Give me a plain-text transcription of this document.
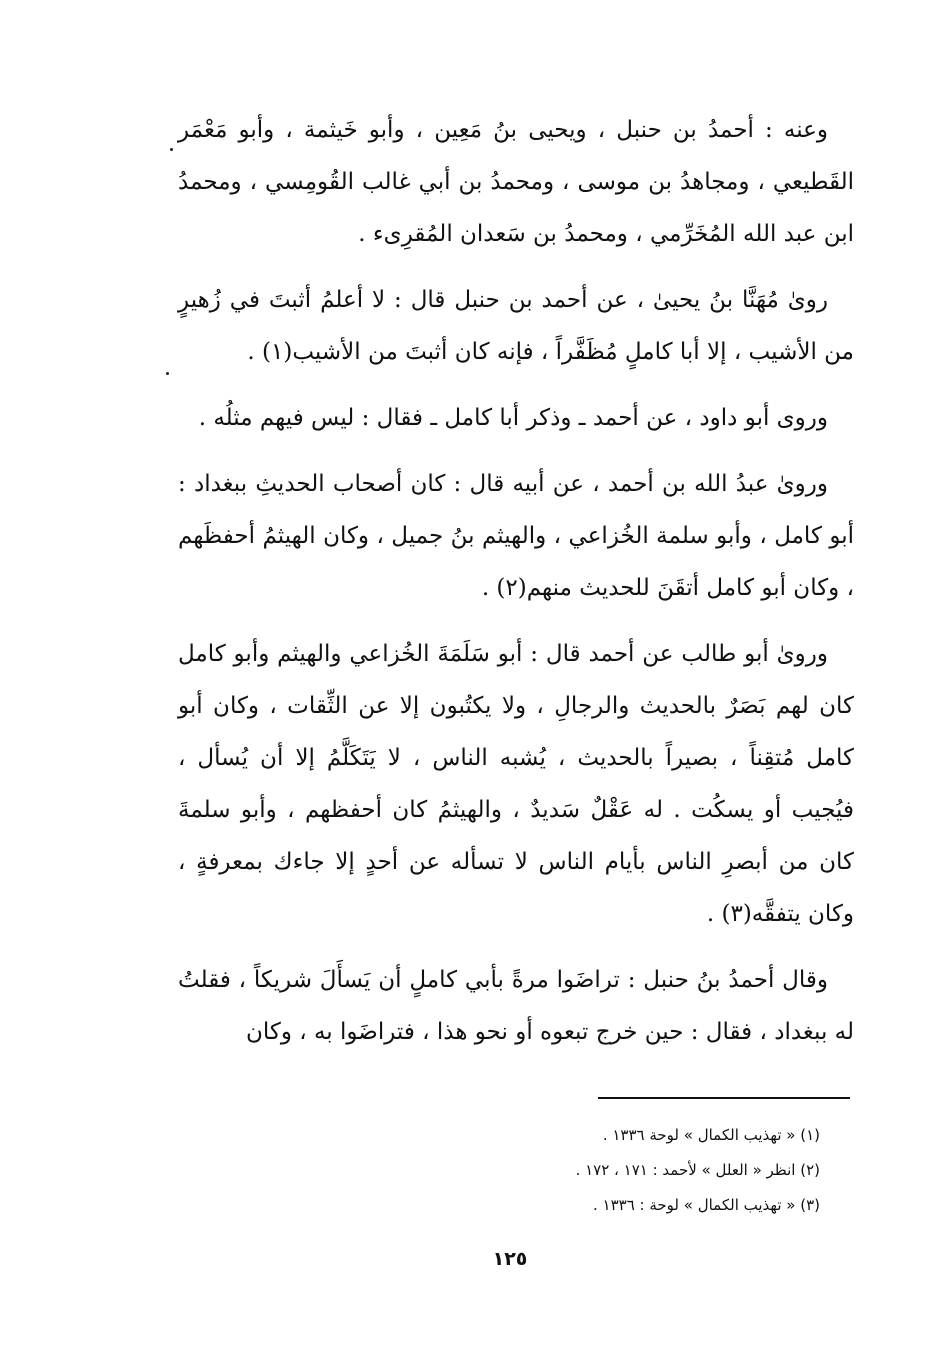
وعنه : أحمدُ بن حنبل ، ويحيى بنُ مَعِين ، وأبو خَيثمة ، وأبو مَعْمَر القَطيعي ، ومجاهدُ بن موسى ، ومحمدُ بن أبي غالب القُومِسي ، ومحمدُ ابن عبد الله المُخَرِّمي ، ومحمدُ بن سَعدان المُقرِىء .

روىٰ مُهَنَّا بنُ يحيىٰ ، عن أحمد بن حنبل قال : لا أعلمُ أثبتَ في زُهيرٍ من الأشيب ، إلا أبا كاملٍ مُظَفَّراً ، فإنه كان أثبتَ من الأشيب(١) .

وروى أبو داود ، عن أحمد ـ وذكر أبا كامل ـ فقال : ليس فيهم مثلُه .

وروىٰ عبدُ الله بن أحمد ، عن أبيه قال : كان أصحاب الحديثِ ببغداد : أبو كامل ، وأبو سلمة الخُزاعي ، والهيثم بنُ جميل ، وكان الهيثمُ أحفظَهم ، وكان أبو كامل أتقَنَ للحديث منهم(٢) .

وروىٰ أبو طالب عن أحمد قال : أبو سَلَمَةَ الخُزاعي والهيثم وأبو كامل كان لهم بَصَرٌ بالحديث والرجالِ ، ولا يكتُبون إلا عن الثِّقات ، وكان أبو كامل مُتقِناً ، بصيراً بالحديث ، يُشبه الناس ، لا يَتَكَلَّمُ إلا أن يُسأل ، فيُجيب أو يسكُت . له عَقْلٌ سَديدٌ ، والهيثمُ كان أحفظهم ، وأبو سلمةَ كان من أبصرِ الناس بأيام الناس لا تسأله عن أحدٍ إلا جاءك بمعرفةٍ ، وكان يتفقَّه(٣) .

وقال أحمدُ بنُ حنبل : تراضَوا مرةً بأبي كاملٍ أن يَسأَلَ شريكاً ، فقلتُ له ببغداد ، فقال : حين خرج تبعوه أو نحو هذا ، فتراضَوا به ، وكان

(١) « تهذيب الكمال » لوحة ١٣٣٦ .

(٢) انظر « العلل » لأحمد : ١٧١ ، ١٧٢ .

(٣) « تهذيب الكمال » لوحة : ١٣٣٦ .

١٢٥
